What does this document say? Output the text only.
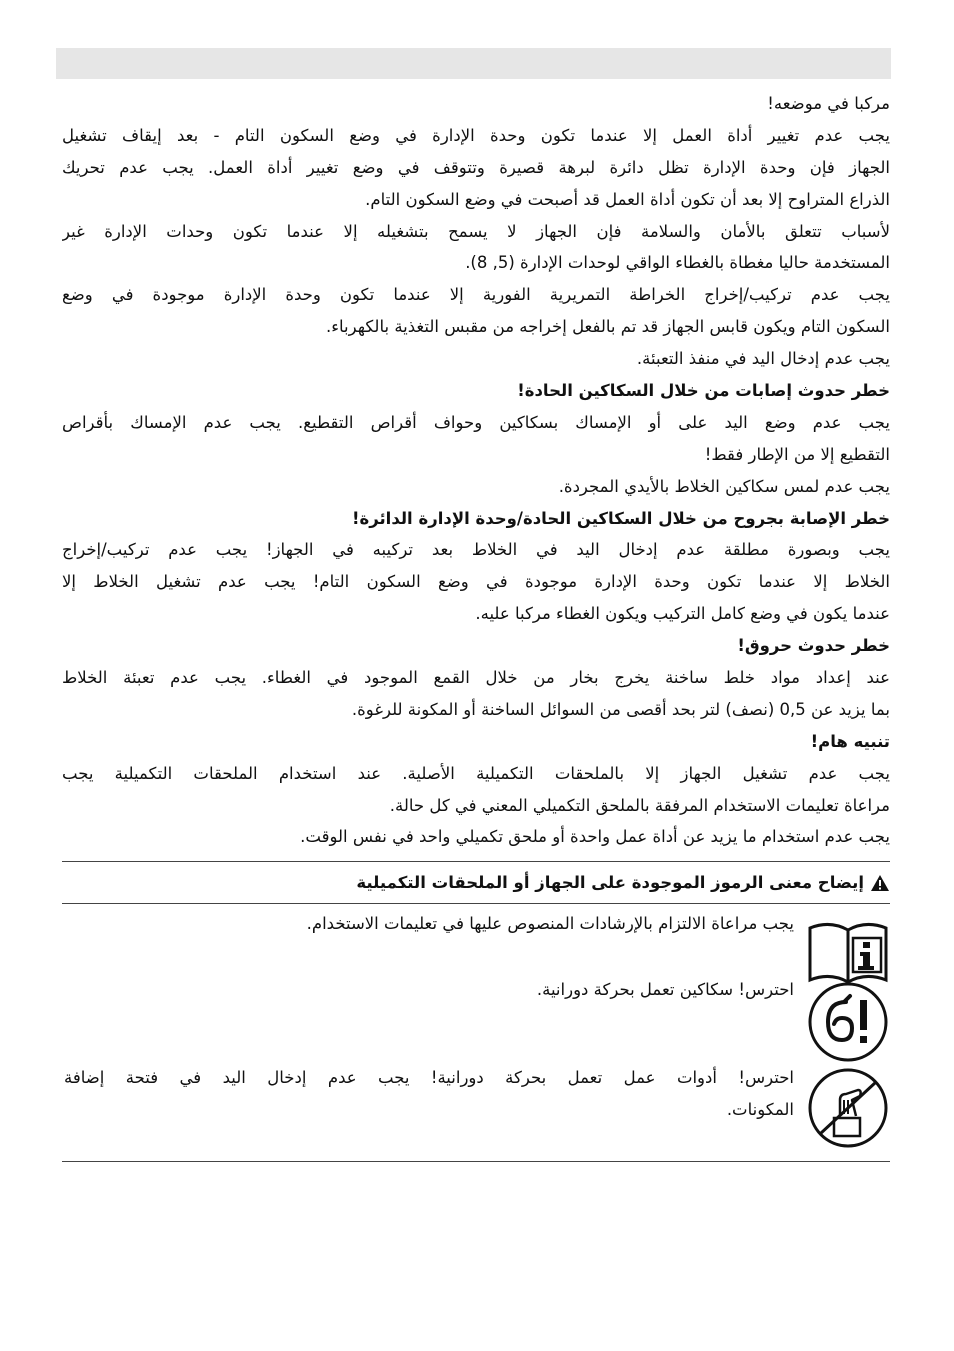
مركبا في موضعه!
يجب عدم تغيير أداة العمل إلا عندما تكون وحدة الإدارة في وضع السكون التام - بعد إيقاف تشغيل
الجهاز فإن وحدة الإدارة تظل دائرة لبرهة قصيرة وتتوقف في وضع تغيير أداة العمل. يجب عدم تحريك
الذراع المتراوح إلا بعد أن تكون أداة العمل قد أصبحت في وضع السكون التام.
لأسباب تتعلق بالأمان والسلامة فإن الجهاز لا يسمح بتشغيله إلا عندما تكون وحدات الإدارة غير
المستخدمة حاليا مغطاة بالغطاء الواقي لوحدات الإدارة (5, 8).
يجب عدم تركيب/إخراج الخراطة التمريرية الفورية إلا عندما تكون وحدة الإدارة موجودة في وضع
السكون التام ويكون قابس الجهاز قد تم بالفعل إخراجه من مقبس التغذية بالكهرباء.
يجب عدم إدخال اليد في منفذ التعبئة.
خطر حدوث إصابات من خلال السكاكين الحادة!
يجب عدم وضع اليد على أو الإمساك بسكاكين وحواف أقراص التقطيع. يجب عدم الإمساك بأقراص
التقطيع إلا من الإطار فقط!
يجب عدم لمس سكاكين الخلاط بالأيدي المجردة.
خطر الإصابة بجروح من خلال السكاكين الحادة/وحدة الإدارة الدائرة!
يجب وبصورة مطلقة عدم إدخال اليد في الخلاط بعد تركيبه في الجهاز! يجب عدم تركيب/إخراج
الخلاط إلا عندما تكون وحدة الإدارة موجودة في وضع السكون التام! يجب عدم تشغيل الخلاط إلا
عندما يكون في وضع كامل التركيب ويكون الغطاء مركبا عليه.
خطر حدوث حروق!
عند إعداد مواد خلط ساخنة يخرج بخار من خلال القمع الموجود في الغطاء. يجب عدم تعبئة الخلاط
بما يزيد عن 0,5 (نصف) لتر بحد أقصى من السوائل الساخنة أو المكونة للرغوة.
تنبيه هام!
يجب عدم تشغيل الجهاز إلا بالملحقات التكميلية الأصلية. عند استخدام الملحقات التكميلية يجب
مراعاة تعليمات الاستخدام المرفقة بالملحق التكميلي المعني في كل حالة.
يجب عدم استخدام ما يزيد عن أداة عمل واحدة أو ملحق تكميلي واحد في نفس الوقت.
إيضاح معنى الرموز الموجودة على الجهاز أو الملحقات التكميلية
يجب مراعاة الالتزام بالإرشادات المنصوص عليها في تعليمات الاستخدام.
احترس! سكاكين تعمل بحركة دورانية.
احترس! أدوات عمل تعمل بحركة دورانية! يجب عدم إدخال اليد في فتحة إضافة
المكونات.
